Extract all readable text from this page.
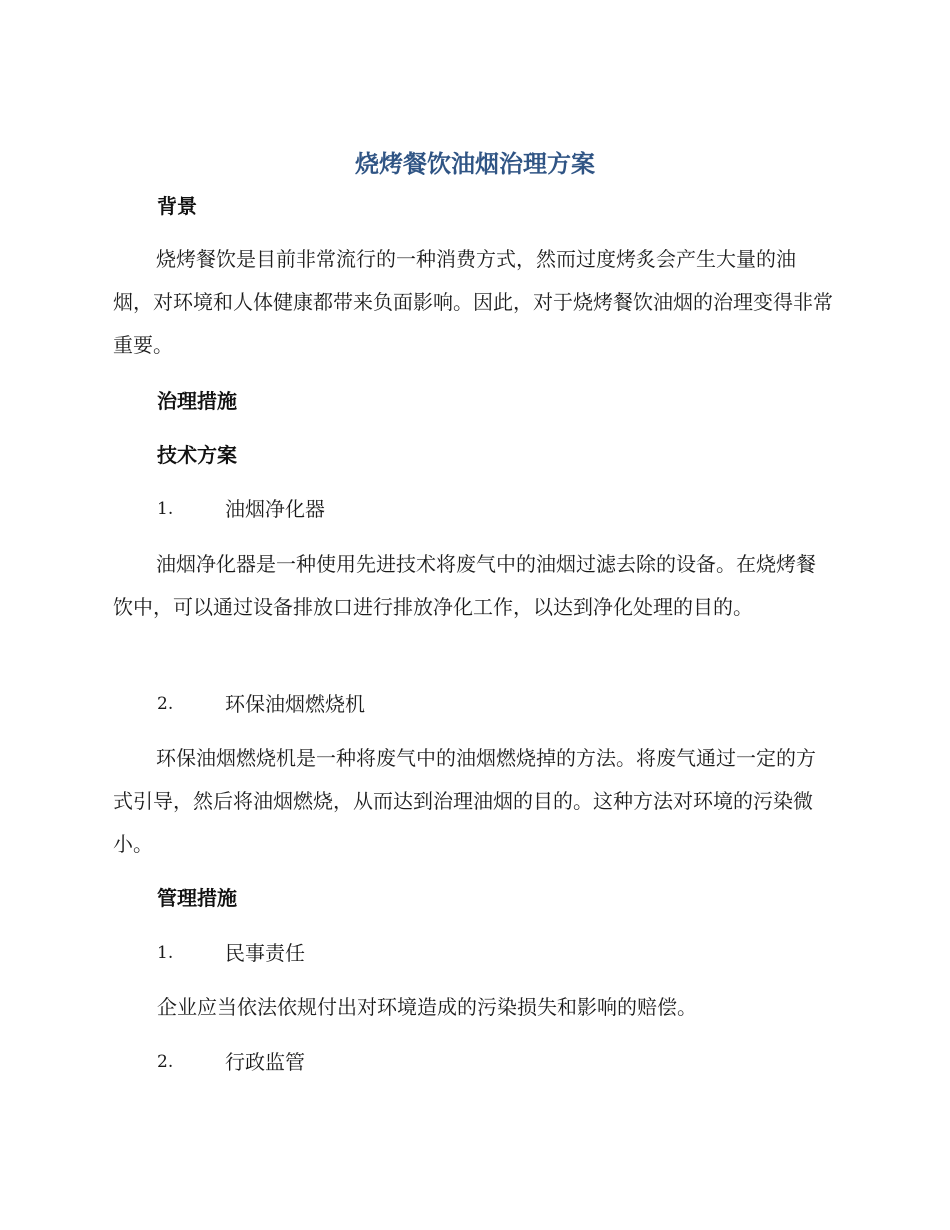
烧烤餐饮油烟治理方案
背景
烧烤餐饮是目前非常流行的一种消费方式，然而过度烤炙会产生大量的油烟，对环境和人体健康都带来负面影响。因此，对于烧烤餐饮油烟的治理变得非常重要。
治理措施
技术方案
1.	油烟净化器
油烟净化器是一种使用先进技术将废气中的油烟过滤去除的设备。在烧烤餐饮中，可以通过设备排放口进行排放净化工作，以达到净化处理的目的。
2.	环保油烟燃烧机
环保油烟燃烧机是一种将废气中的油烟燃烧掉的方法。将废气通过一定的方式引导，然后将油烟燃烧，从而达到治理油烟的目的。这种方法对环境的污染微小。
管理措施
1.	民事责任
企业应当依法依规付出对环境造成的污染损失和影响的赔偿。
2.	行政监管
